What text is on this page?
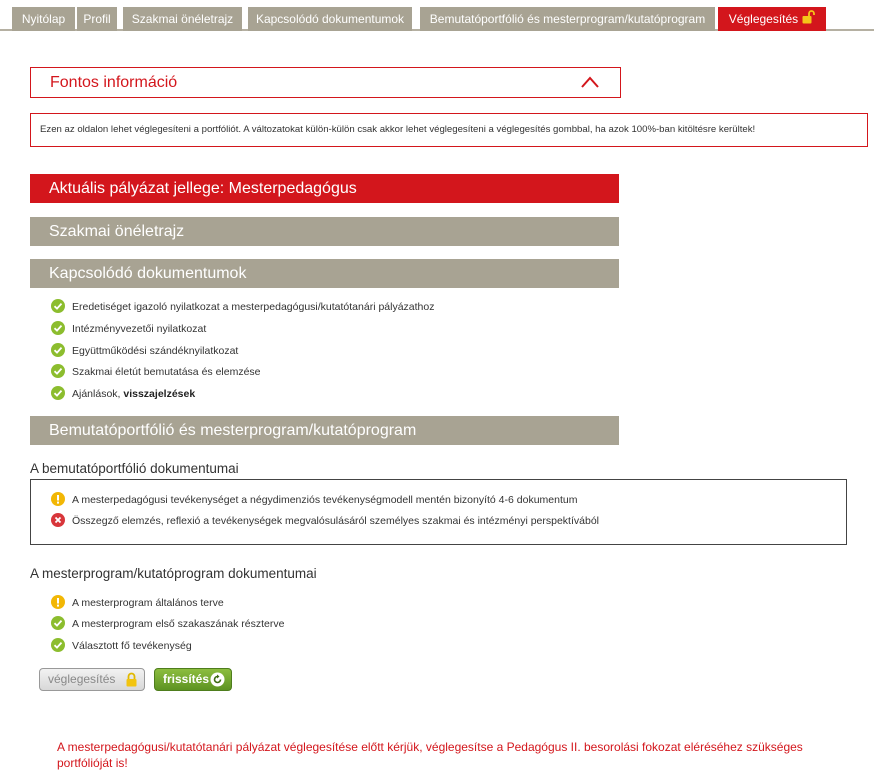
Nyitólap	Profil	Szakmai önéletrajz	Kapcsolódó dokumentumok	Bemutatóportfólió és mesterprogram/kutatóprogram	Véglegesítés
Fontos információ
Ezen az oldalon lehet véglegesíteni a portfóliót. A változatokat külön-külön csak akkor lehet véglegesíteni a véglegesítés gombbal, ha azok 100%-ban kitöltésre kerültek!
Aktuális pályázat jellege: Mesterpedagógus
Szakmai önéletrajz
Kapcsolódó dokumentumok
Eredetiséget igazoló nyilatkozat a mesterpedagógusi/kutatótanári pályázathoz
Intézményvezetői nyilatkozat
Együttműködési szándéknyilatkozat
Szakmai életút bemutatása és elemzése
Ajánlások, visszajelzések
Bemutatóportfólió és mesterprogram/kutatóprogram
A bemutatóportfólió dokumentumai
A mesterpedagógusi tevékenységet a négydimenziós tevékenységmodell mentén bizonyító 4-6 dokumentum
Összegző elemzés, reflexió a tevékenységek megvalósulásáról személyes szakmai és intézményi perspektívából
A mesterprogram/kutatóprogram dokumentumai
A mesterprogram általános terve
A mesterprogram első szakaszának részterve
Választott fő tevékenység
véglegesítés	frissítés
A mesterpedagógusi/kutatótanári pályázat véglegesítése előtt kérjük, véglegesítse a Pedagógus II. besorolási fokozat eléréséhez szükséges portfólióját is!
